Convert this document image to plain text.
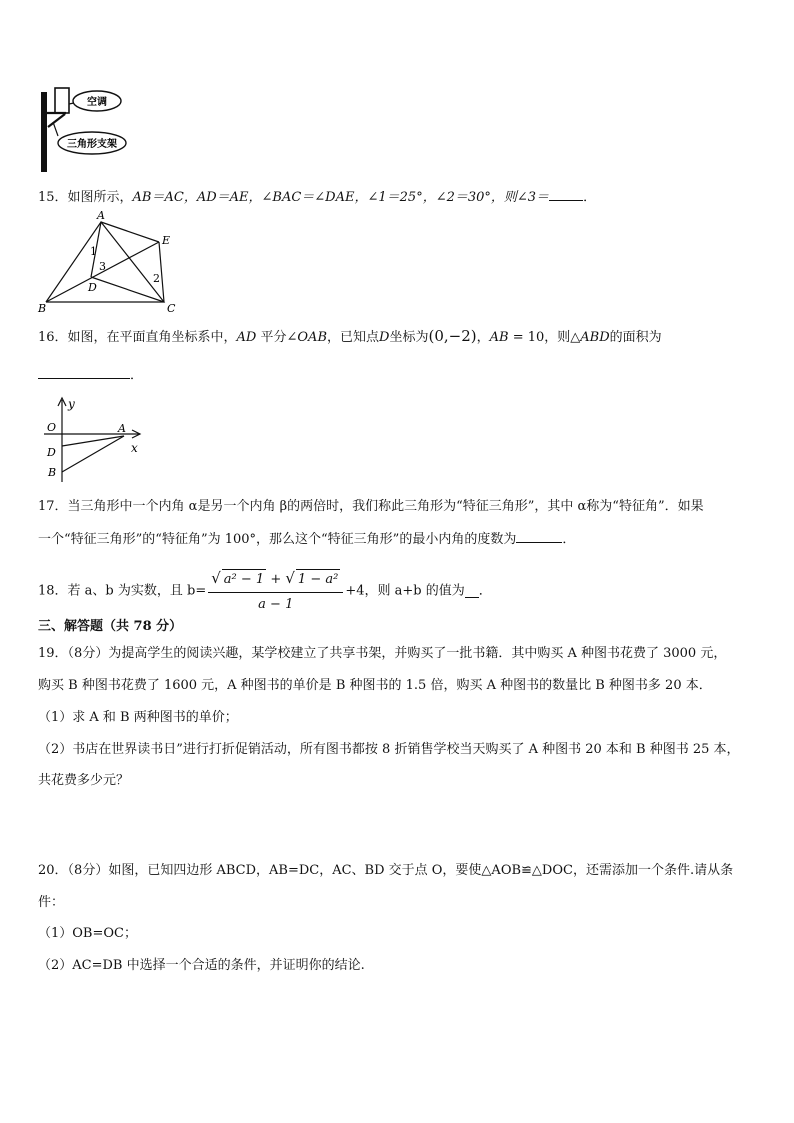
空调
三角形支架
15．如图所示，AB＝AC，AD＝AE，∠BAC＝∠DAE，∠1＝25°，∠2＝30°，则∠3＝	．
A
B	C
D
E
1
2
3
16．如图，在平面直角坐标系中，AD 平分∠OAB，已知点D坐标为(0,−2)，AB = 10，则△ABD的面积为
．
y
x
O	A
D
B
17．当三角形中一个内角 α是另一个内角 β的两倍时，我们称此三角形为“特征三角形”，其中 α称为“特征角”．如果
一个“特征三角形”的“特征角”为 100°，那么这个“特征三角形”的最小内角的度数为	．
18．若 a、b 为实数，且 $b= \frac{\text{√ a² − 1 + √ 1 − a²}}{a - 1} +4$，则 a+b 的值为 ．
三、解答题（共 78 分）
19．（8分）为提高学生的阅读兴趣，某学校建立了共享书架，并购买了一批书籍．其中购买 A 种图书花费了 3000 元，
购买 B 种图书花费了 1600 元，A 种图书的单价是 B 种图书的 1.5 倍，购买 A 种图书的数量比 B 种图书多 20 本．
（1）求 A 和 B 两种图书的单价；
（2）书店在世界读书日”进行打折促销活动，所有图书都按 8 折销售学校当天购买了 A 种图书 20 本和 B 种图书 25 本，
共花费多少元？
20．（8分）如图，已知四边形 ABCD，AB=DC，AC、BD 交于点 O，要使△AOB≌△DOC，还需添加一个条件.请从条
件：
（1）OB=OC；
（2）AC=DB 中选择一个合适的条件，并证明你的结论.
